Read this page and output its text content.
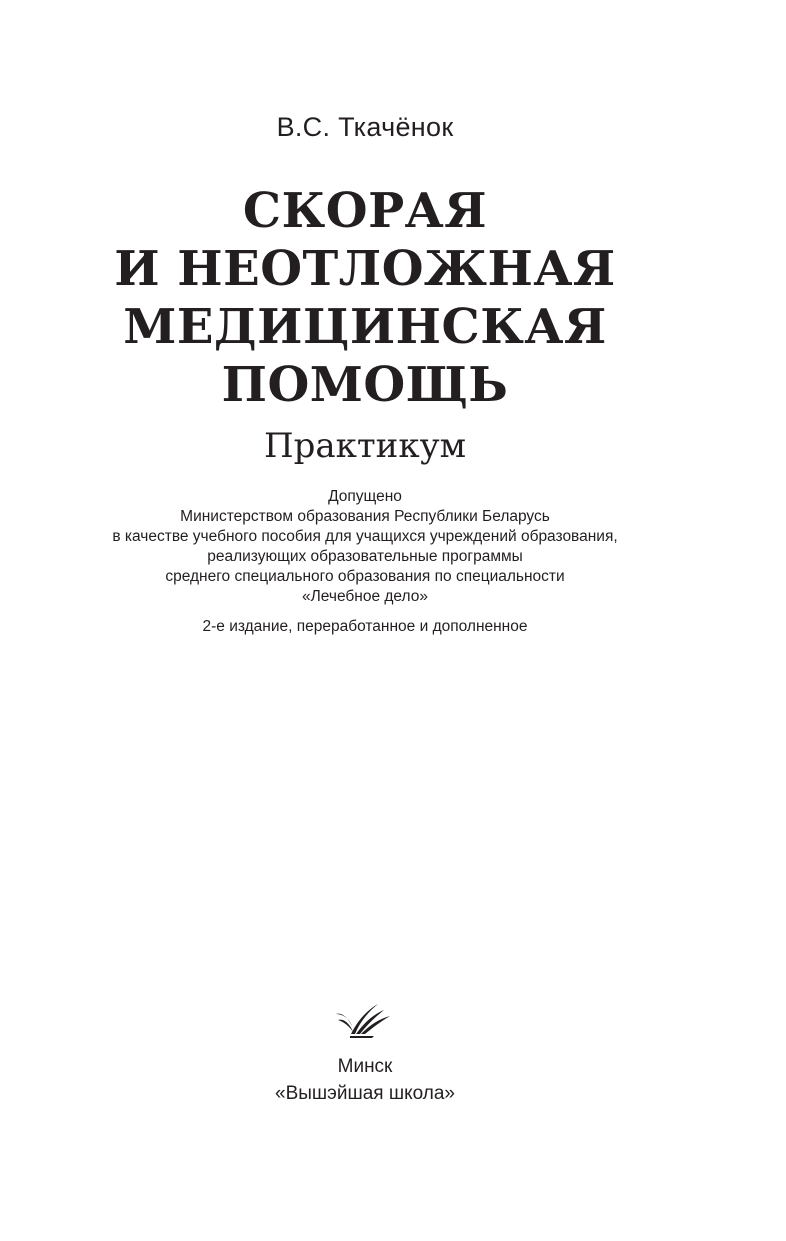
В.С. Ткачёнок
СКОРАЯ
И НЕОТЛОЖНАЯ
МЕДИЦИНСКАЯ
ПОМОЩЬ
Практикум
Допущено
Министерством образования Республики Беларусь
в качестве учебного пособия для учащихся учреждений образования,
реализующих образовательные программы
среднего специального образования по специальности
«Лечебное дело»
2-е издание, переработанное и дополненное
Минск
«Вышэйшая школа»
